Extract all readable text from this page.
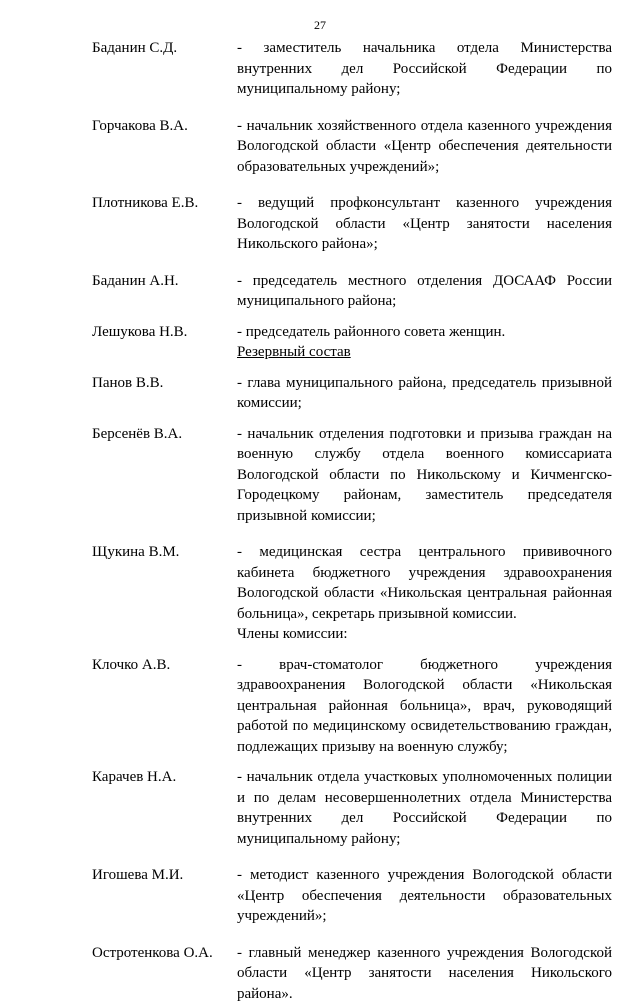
27
Баданин С.Д.	- заместитель начальника отдела Министерства внутренних дел Российской Федерации по муниципальному району;
Горчакова В.А.	- начальник хозяйственного отдела казенного учреждения Вологодской области «Центр обеспечения деятельности образовательных учреждений»;
Плотникова Е.В.	- ведущий профконсультант казенного учреждения Вологодской области «Центр занятости населения Никольского района»;
Баданин А.Н.	- председатель местного отделения ДОСААФ России муниципального района;
Лешукова Н.В.	- председатель районного совета женщин.
Резервный состав
Панов В.В.	- глава муниципального района, председатель призывной комиссии;
Берсенёв В.А.	- начальник отделения подготовки и призыва граждан на военную службу отдела военного комиссариата Вологодской области по Никольскому и Кичменгско-Городецкому районам, заместитель председателя призывной комиссии;
Щукина В.М.	- медицинская сестра центрального прививочного кабинета бюджетного учреждения здравоохранения Вологодской области «Никольская центральная районная больница», секретарь призывной комиссии.
Члены комиссии:
Клочко А.В.	- врач-стоматолог бюджетного учреждения здравоохранения Вологодской области «Никольская центральная районная больница», врач, руководящий работой по медицинскому освидетельствованию граждан, подлежащих призыву на военную службу;
Карачев Н.А.	- начальник отдела участковых уполномоченных полиции и по делам несовершеннолетних отдела Министерства внутренних дел Российской Федерации по муниципальному району;
Игошева М.И.	- методист казенного учреждения Вологодской области «Центр обеспечения деятельности образовательных учреждений»;
Остротенкова О.А.	- главный менеджер казенного учреждения Вологодской области «Центр занятости населения Никольского района».
